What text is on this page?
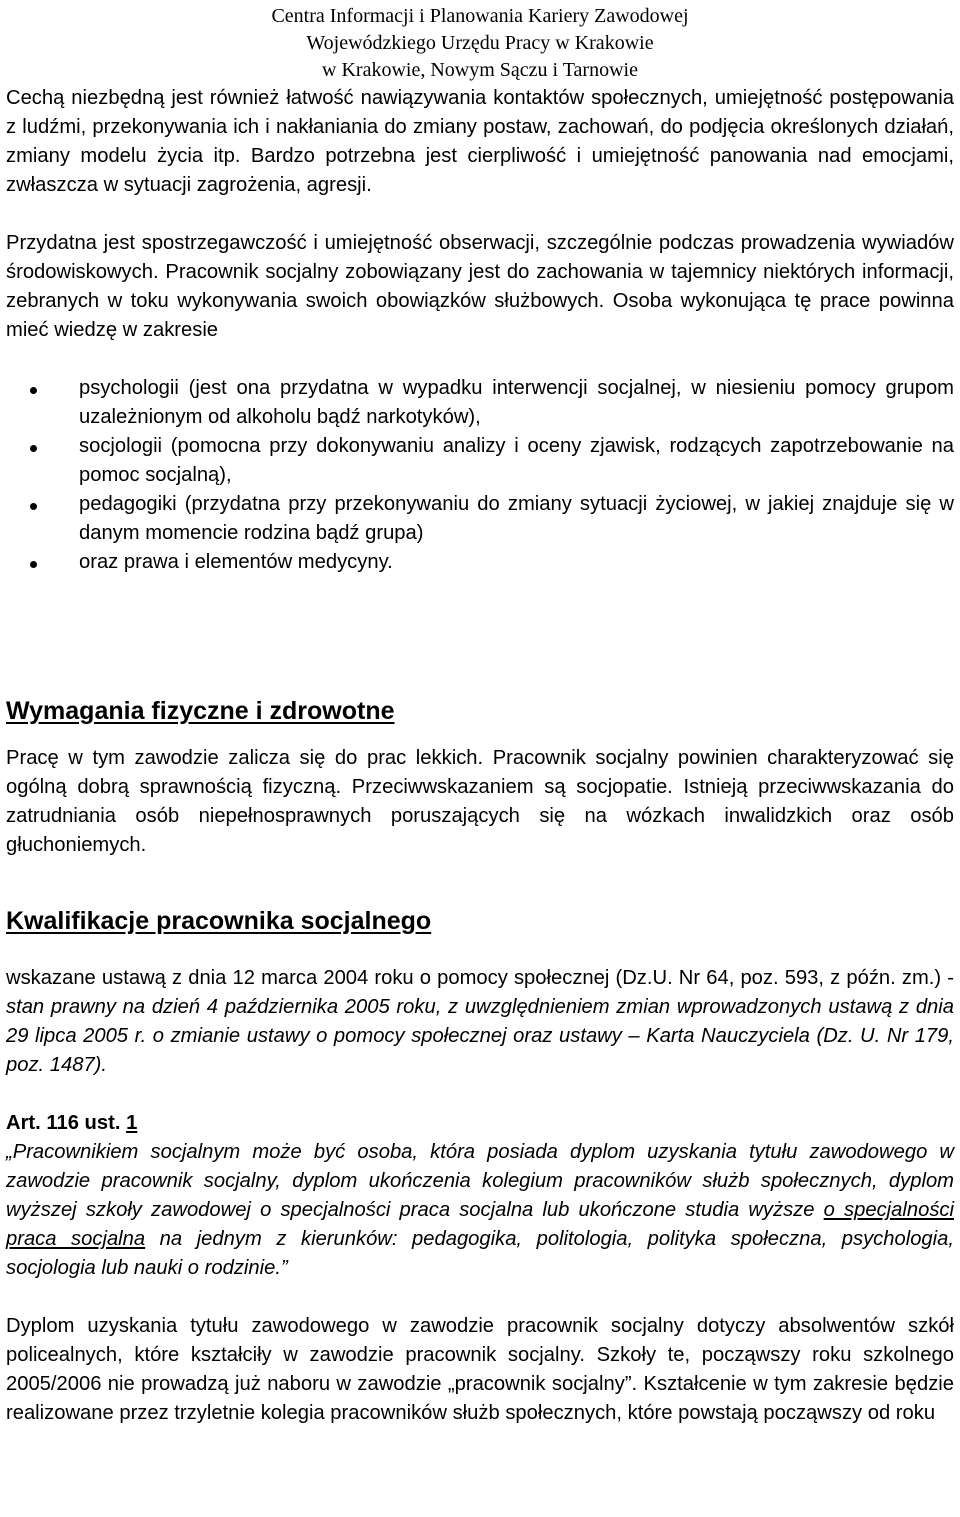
Centra Informacji i Planowania Kariery Zawodowej
Wojewódzkiego Urzędu Pracy w Krakowie
w Krakowie, Nowym Sączu i Tarnowie

Cechą niezbędną jest również łatwość nawiązywania kontaktów społecznych, umiejętność postępowania z ludźmi, przekonywania ich i nakłaniania do zmiany postaw, zachowań, do podjęcia określonych działań, zmiany modelu życia itp. Bardzo potrzebna jest cierpliwość i umiejętność panowania nad emocjami, zwłaszcza w sytuacji zagrożenia, agresji.

Przydatna jest spostrzegawczość i umiejętność obserwacji, szczególnie podczas prowadzenia wywiadów środowiskowych. Pracownik socjalny zobowiązany jest do zachowania w tajemnicy niektórych informacji, zebranych w toku wykonywania swoich obowiązków służbowych. Osoba wykonująca tę prace powinna mieć wiedzę w zakresie

psychologii (jest ona przydatna w wypadku interwencji socjalnej, w niesieniu pomocy grupom uzależnionym od alkoholu bądź narkotyków),
socjologii (pomocna przy dokonywaniu analizy i oceny zjawisk, rodzących zapotrzebowanie na pomoc socjalną),
pedagogiki (przydatna przy przekonywaniu do zmiany sytuacji życiowej, w jakiej znajduje się w danym momencie rodzina bądź grupa)
oraz prawa i elementów medycyny.
Wymagania fizyczne i zdrowotne

Pracę w tym zawodzie zalicza się do prac lekkich. Pracownik socjalny powinien charakteryzować się ogólną dobrą sprawnością fizyczną. Przeciwwskazaniem są socjopatie. Istnieją przeciwwskazania do zatrudniania osób niepełnosprawnych poruszających się na wózkach inwalidzkich oraz osób głuchoniemych.

Kwalifikacje pracownika socjalnego

wskazane ustawą z dnia 12 marca 2004 roku o pomocy społecznej (Dz.U. Nr 64, poz. 593, z późn. zm.) - stan prawny na dzień 4 października 2005 roku, z uwzględnieniem zmian wprowadzonych ustawą z dnia 29 lipca 2005 r. o zmianie ustawy o pomocy społecznej oraz ustawy – Karta Nauczyciela (Dz. U. Nr 179, poz. 1487).

Art. 116 ust. 1

„Pracownikiem socjalnym może być osoba, która posiada dyplom uzyskania tytułu zawodowego w zawodzie pracownik socjalny, dyplom ukończenia kolegium pracowników służb społecznych, dyplom wyższej szkoły zawodowej o specjalności praca socjalna lub ukończone studia wyższe o specjalności praca socjalna na jednym z kierunków: pedagogika, politologia, polityka społeczna, psychologia, socjologia lub nauki o rodzinie.”

Dyplom uzyskania tytułu zawodowego w zawodzie pracownik socjalny dotyczy absolwentów szkół policealnych, które kształciły w zawodzie pracownik socjalny. Szkoły te, począwszy roku szkolnego 2005/2006 nie prowadzą już naboru w zawodzie „pracownik socjalny”. Kształcenie w tym zakresie będzie realizowane przez trzyletnie kolegia pracowników służb społecznych, które powstają począwszy od roku
